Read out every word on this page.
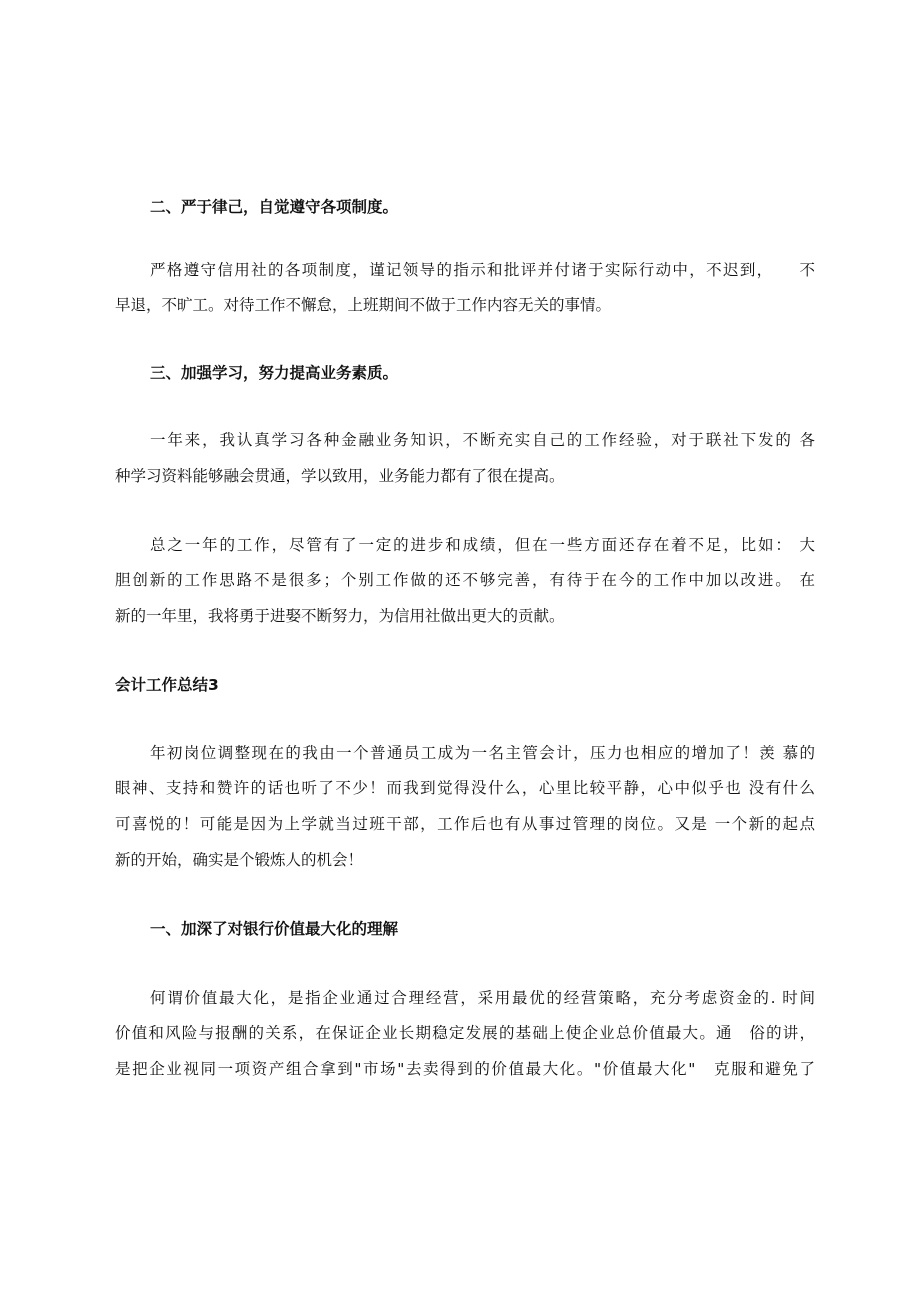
二、严于律己，自觉遵守各项制度。
严格遵守信用社的各项制度，谨记领导的指示和批评并付诸于实际行动中，不迟到，　　不
早退，不旷工。对待工作不懈怠，上班期间不做于工作内容无关的事情。
三、加强学习，努力提高业务素质。
一年来，我认真学习各种金融业务知识，不断充实自己的工作经验，对于联社下发的 各
种学习资料能够融会贯通，学以致用，业务能力都有了很在提高。
总之一年的工作，尽管有了一定的进步和成绩，但在一些方面还存在着不足，比如： 大
胆创新的工作思路不是很多；个别工作做的还不够完善，有待于在今的工作中加以改进。 在
新的一年里，我将勇于进娶不断努力，为信用社做出更大的贡献。
会计工作总结3
年初岗位调整现在的我由一个普通员工成为一名主管会计，压力也相应的增加了！羡 慕的
眼神、支持和赞许的话也听了不少！而我到觉得没什么，心里比较平静，心中似乎也 没有什么
可喜悦的！可能是因为上学就当过班干部，工作后也有从事过管理的岗位。又是 一个新的起点
新的开始，确实是个锻炼人的机会！
一、加深了对银行价值最大化的理解
何谓价值最大化，是指企业通过合理经营，采用最优的经营策略，充分考虑资金的. 时间
价值和风险与报酬的关系，在保证企业长期稳定发展的基础上使企业总价值最大。通　俗的讲，
是把企业视同一项资产组合拿到"市场"去卖得到的价值最大化。"价值最大化"　克服和避免了
